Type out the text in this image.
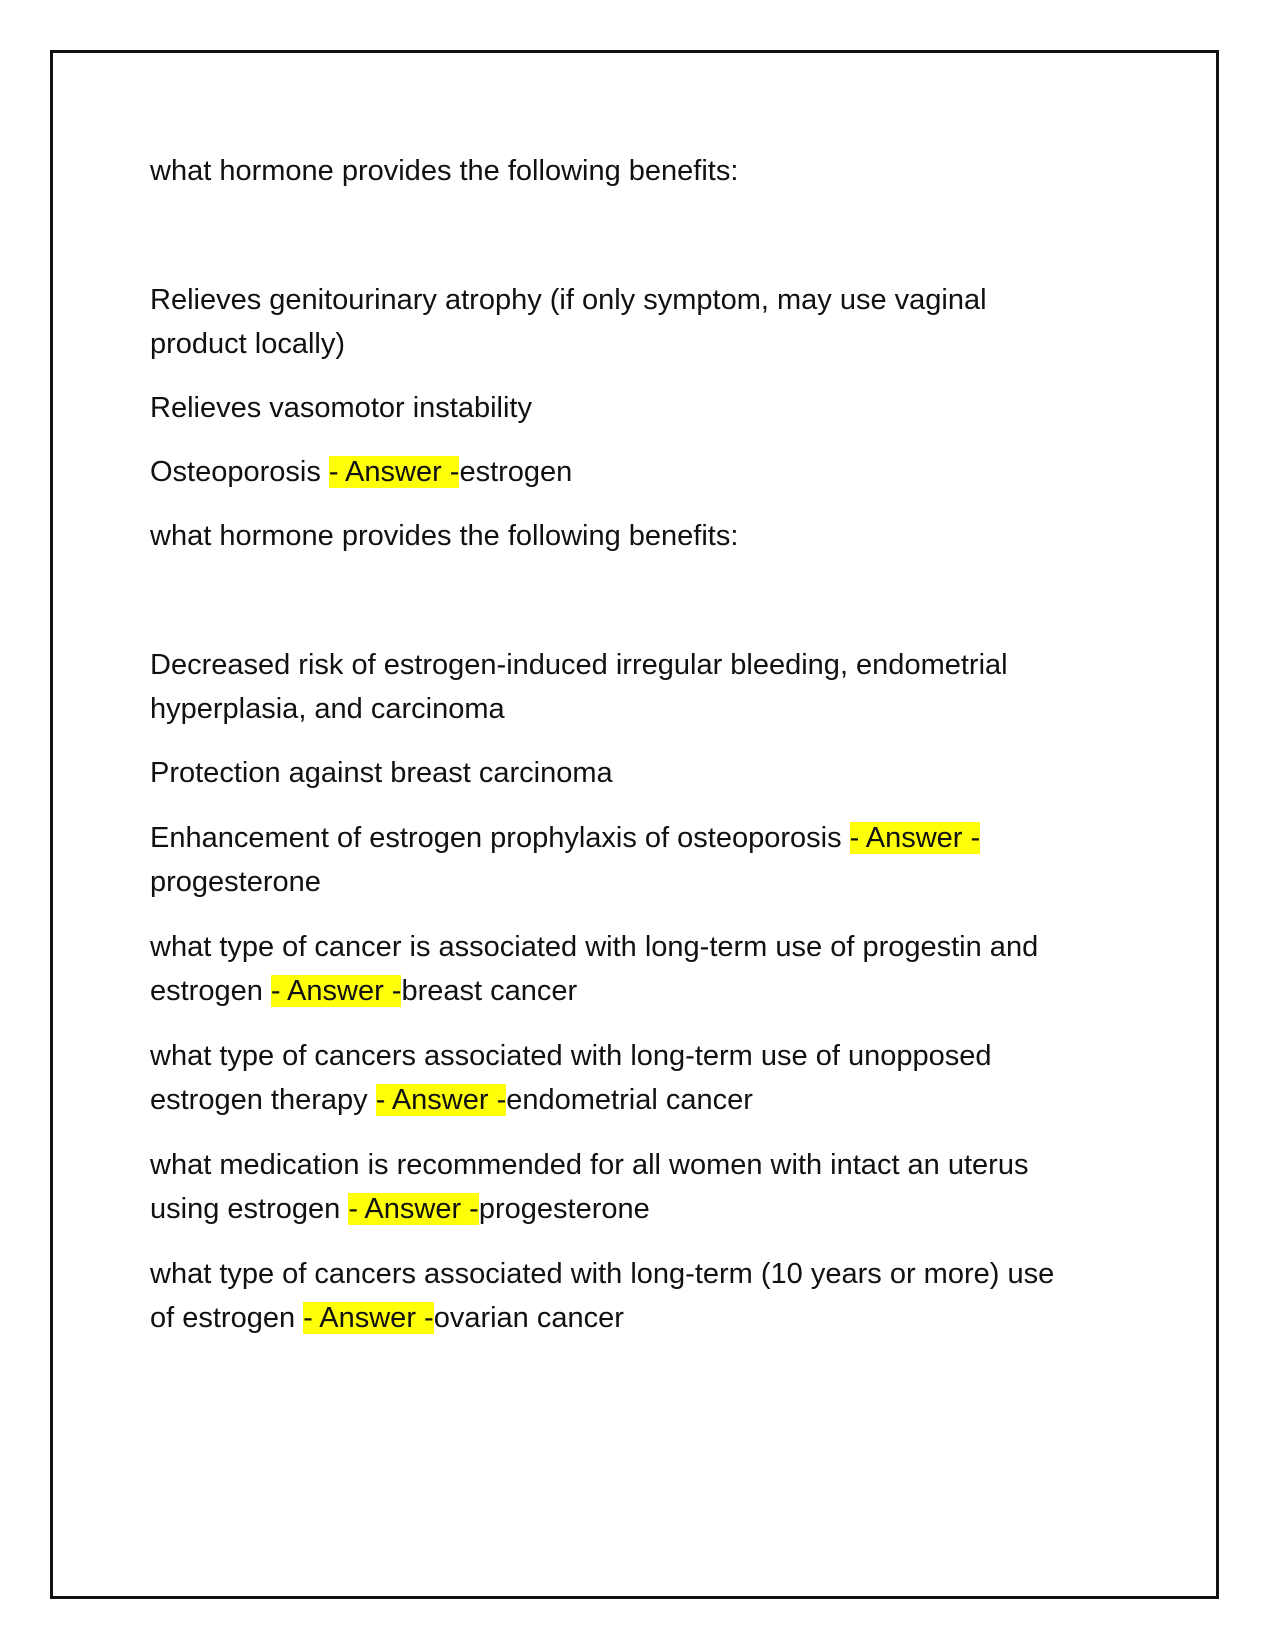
what hormone provides the following benefits:
Relieves genitourinary atrophy (if only symptom, may use vaginal
product locally)
Relieves vasomotor instability
Osteoporosis - Answer -estrogen
what hormone provides the following benefits:
Decreased risk of estrogen-induced irregular bleeding, endometrial
hyperplasia, and carcinoma
Protection against breast carcinoma
Enhancement of estrogen prophylaxis of osteoporosis - Answer -
progesterone
what type of cancer is associated with long-term use of progestin and
estrogen - Answer -breast cancer
what type of cancers associated with long-term use of unopposed
estrogen therapy - Answer -endometrial cancer
what medication is recommended for all women with intact an uterus
using estrogen - Answer -progesterone
what type of cancers associated with long-term (10 years or more) use
of estrogen - Answer -ovarian cancer
